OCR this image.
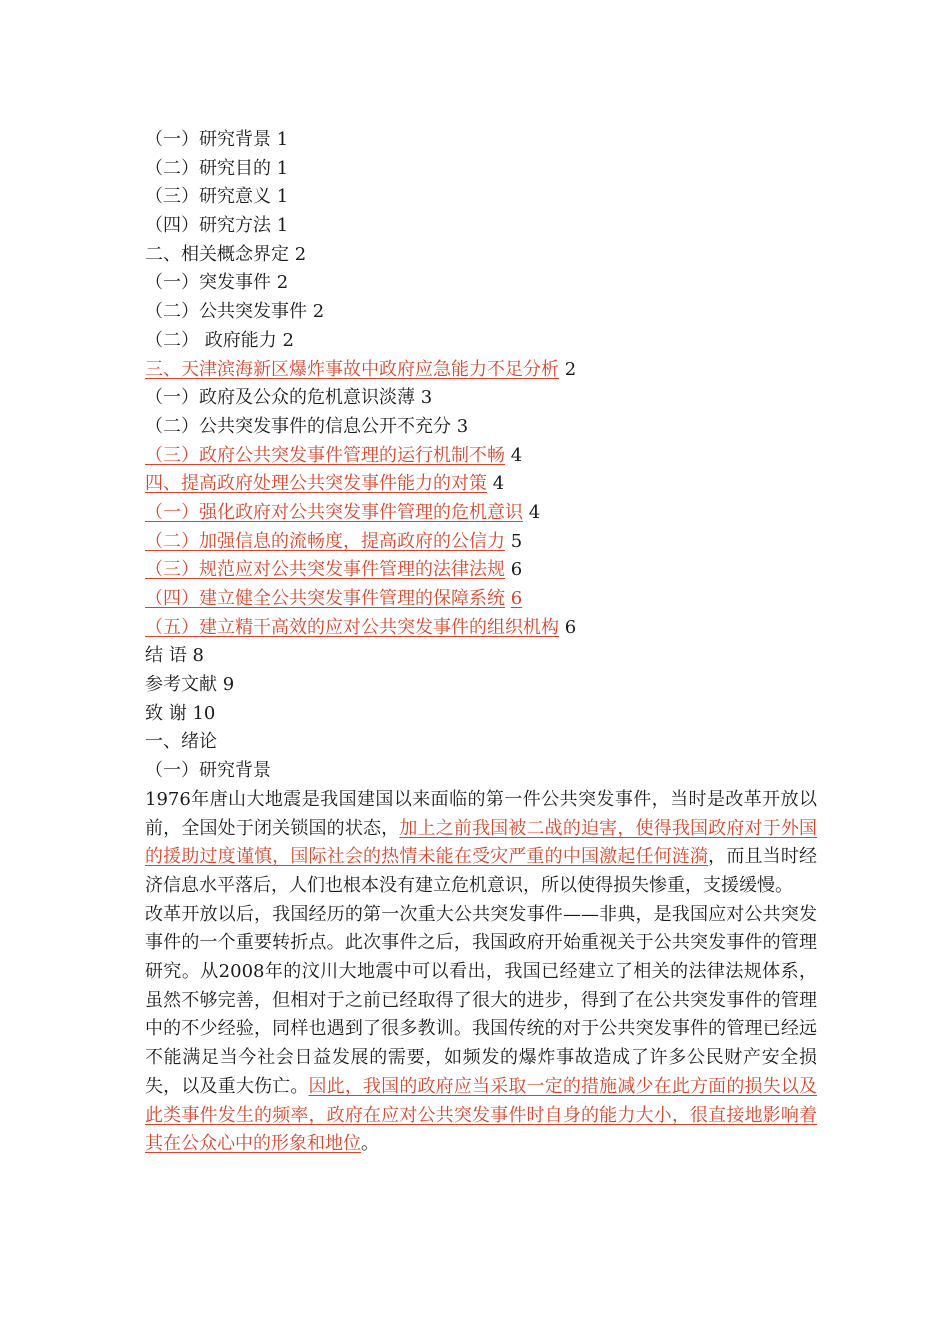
（一）研究背景 1
（二）研究目的 1
（三）研究意义 1
（四）研究方法 1
二、相关概念界定 2
（一）突发事件 2
（二）公共突发事件 2
（二） 政府能力 2
三、天津滨海新区爆炸事故中政府应急能力不足分析 2
（一）政府及公众的危机意识淡薄 3
（二）公共突发事件的信息公开不充分 3
（三）政府公共突发事件管理的运行机制不畅 4
四、提高政府处理公共突发事件能力的对策 4
（一）强化政府对公共突发事件管理的危机意识 4
（二）加强信息的流畅度，提高政府的公信力 5
（三）规范应对公共突发事件管理的法律法规 6
（四）建立健全公共突发事件管理的保障系统 6
（五）建立精干高效的应对公共突发事件的组织机构 6
结 语 8
参考文献 9
致 谢 10
一、绪论
（一）研究背景

1976年唐山大地震是我国建国以来面临的第一件公共突发事件，当时是改革开放以前，全国处于闭关锁国的状态，加上之前我国被二战的迫害，使得我国政府对于外国的援助过度谨慎，国际社会的热情未能在受灾严重的中国激起任何涟漪，而且当时经济信息水平落后，人们也根本没有建立危机意识，所以使得损失惨重，支援缓慢。

改革开放以后，我国经历的第一次重大公共突发事件——非典，是我国应对公共突发事件的一个重要转折点。此次事件之后，我国政府开始重视关于公共突发事件的管理研究。从2008年的汶川大地震中可以看出，我国已经建立了相关的法律法规体系，虽然不够完善，但相对于之前已经取得了很大的进步，得到了在公共突发事件的管理中的不少经验，同样也遇到了很多教训。我国传统的对于公共突发事件的管理已经远不能满足当今社会日益发展的需要，如频发的爆炸事故造成了许多公民财产安全损失，以及重大伤亡。因此，我国的政府应当采取一定的措施减少在此方面的损失以及此类事件发生的频率，政府在应对公共突发事件时自身的能力大小，很直接地影响着其在公众心中的形象和地位。
